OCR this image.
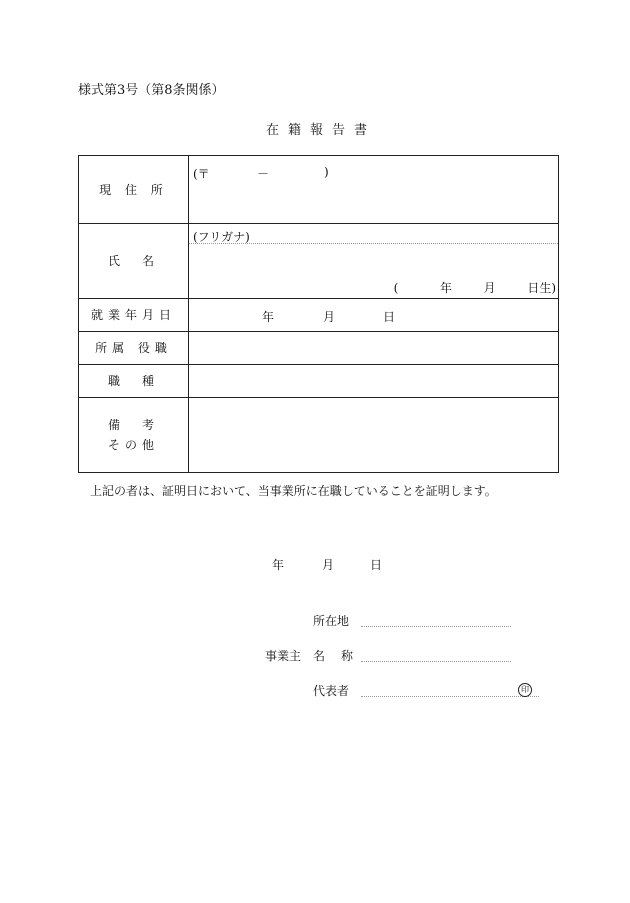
様式第3号（第8条関係）
在籍報告書
現 住 所	(〒 － )

氏　名	(フリガナ)
( 年 月 日生)

就業年月日	年 月 日

所属 役職	
職　種	

備　考
その他	

上記の者は、証明日において、当事業所に在職していることを証明します。
年	月	日
所在地
事業主 名　称
代表者	印
